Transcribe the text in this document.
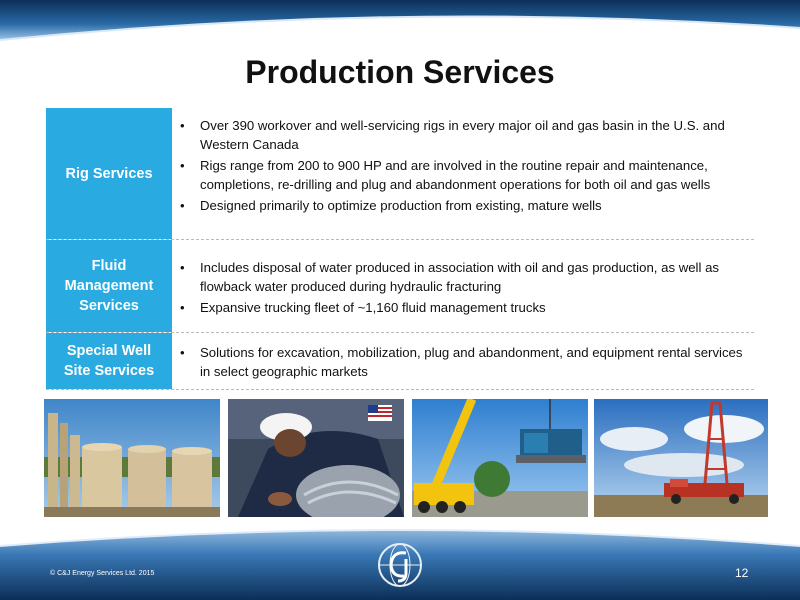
Production Services
Rig Services
• Over 390 workover and well-servicing rigs in every major oil and gas basin in the U.S. and Western Canada
• Rigs range from 200 to 900 HP and are involved in the routine repair and maintenance, completions, re-drilling and plug and abandonment operations for both oil and gas wells
• Designed primarily to optimize production from existing, mature wells
Fluid Management Services
• Includes disposal of water produced in association with oil and gas production, as well as flowback water produced during hydraulic fracturing
• Expansive trucking fleet of ~1,160 fluid management trucks
Special Well Site Services
• Solutions for excavation, mobilization, plug and abandonment, and equipment rental services in select geographic markets
© C&J Energy Services Ltd. 2015	12
